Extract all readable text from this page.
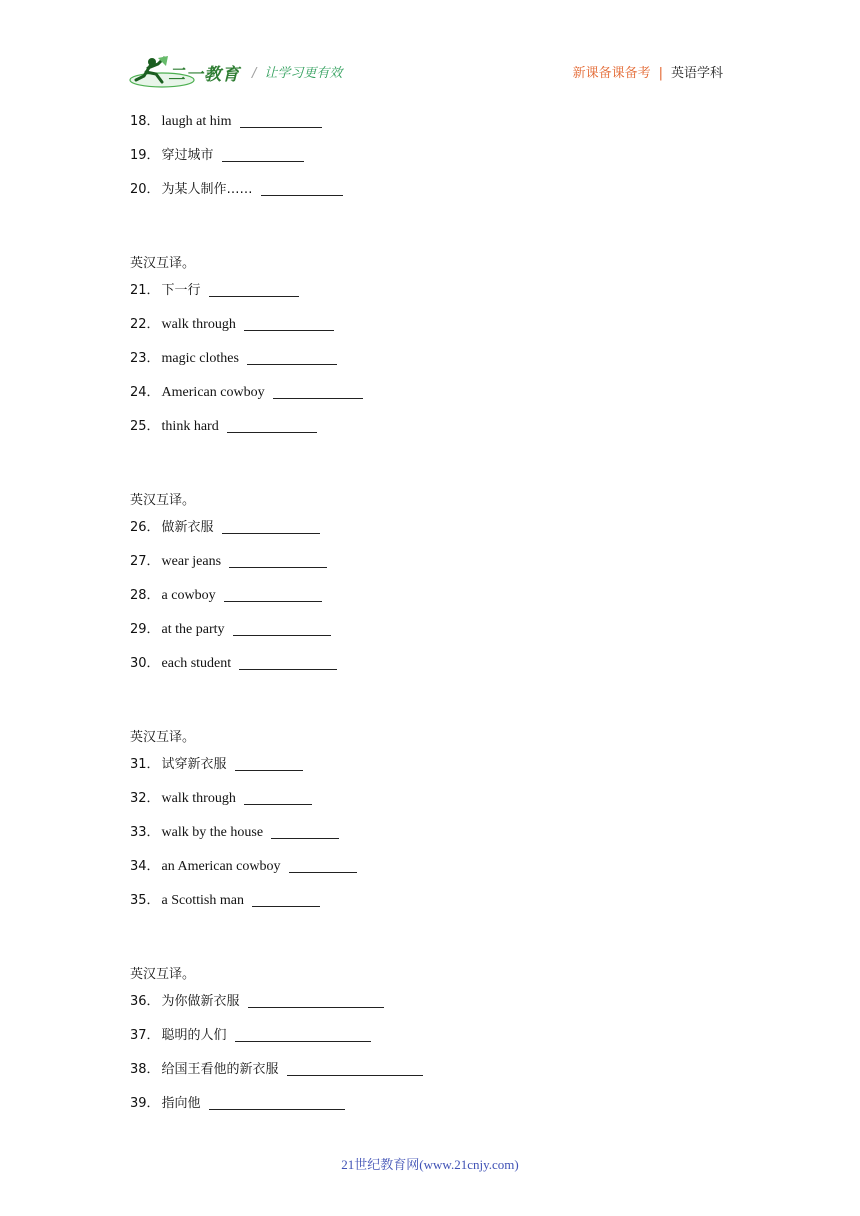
二一教育 / 让学习更有效	新课备课备考 | 英语学科
18． laugh at him
19． 穿过城市
20． 为某人制作……
英汉互译。
21． 下一行
22． walk through
23． magic clothes
24． American cowboy
25． think hard
英汉互译。
26． 做新衣服
27． wear jeans
28． a cowboy
29． at the party
30． each student
英汉互译。
31． 试穿新衣服
32． walk through
33． walk by the house
34． an American cowboy
35． a Scottish man
英汉互译。
36． 为你做新衣服
37． 聪明的人们
38． 给国王看他的新衣服
39． 指向他
21世纪教育网(www.21cnjy.com)
